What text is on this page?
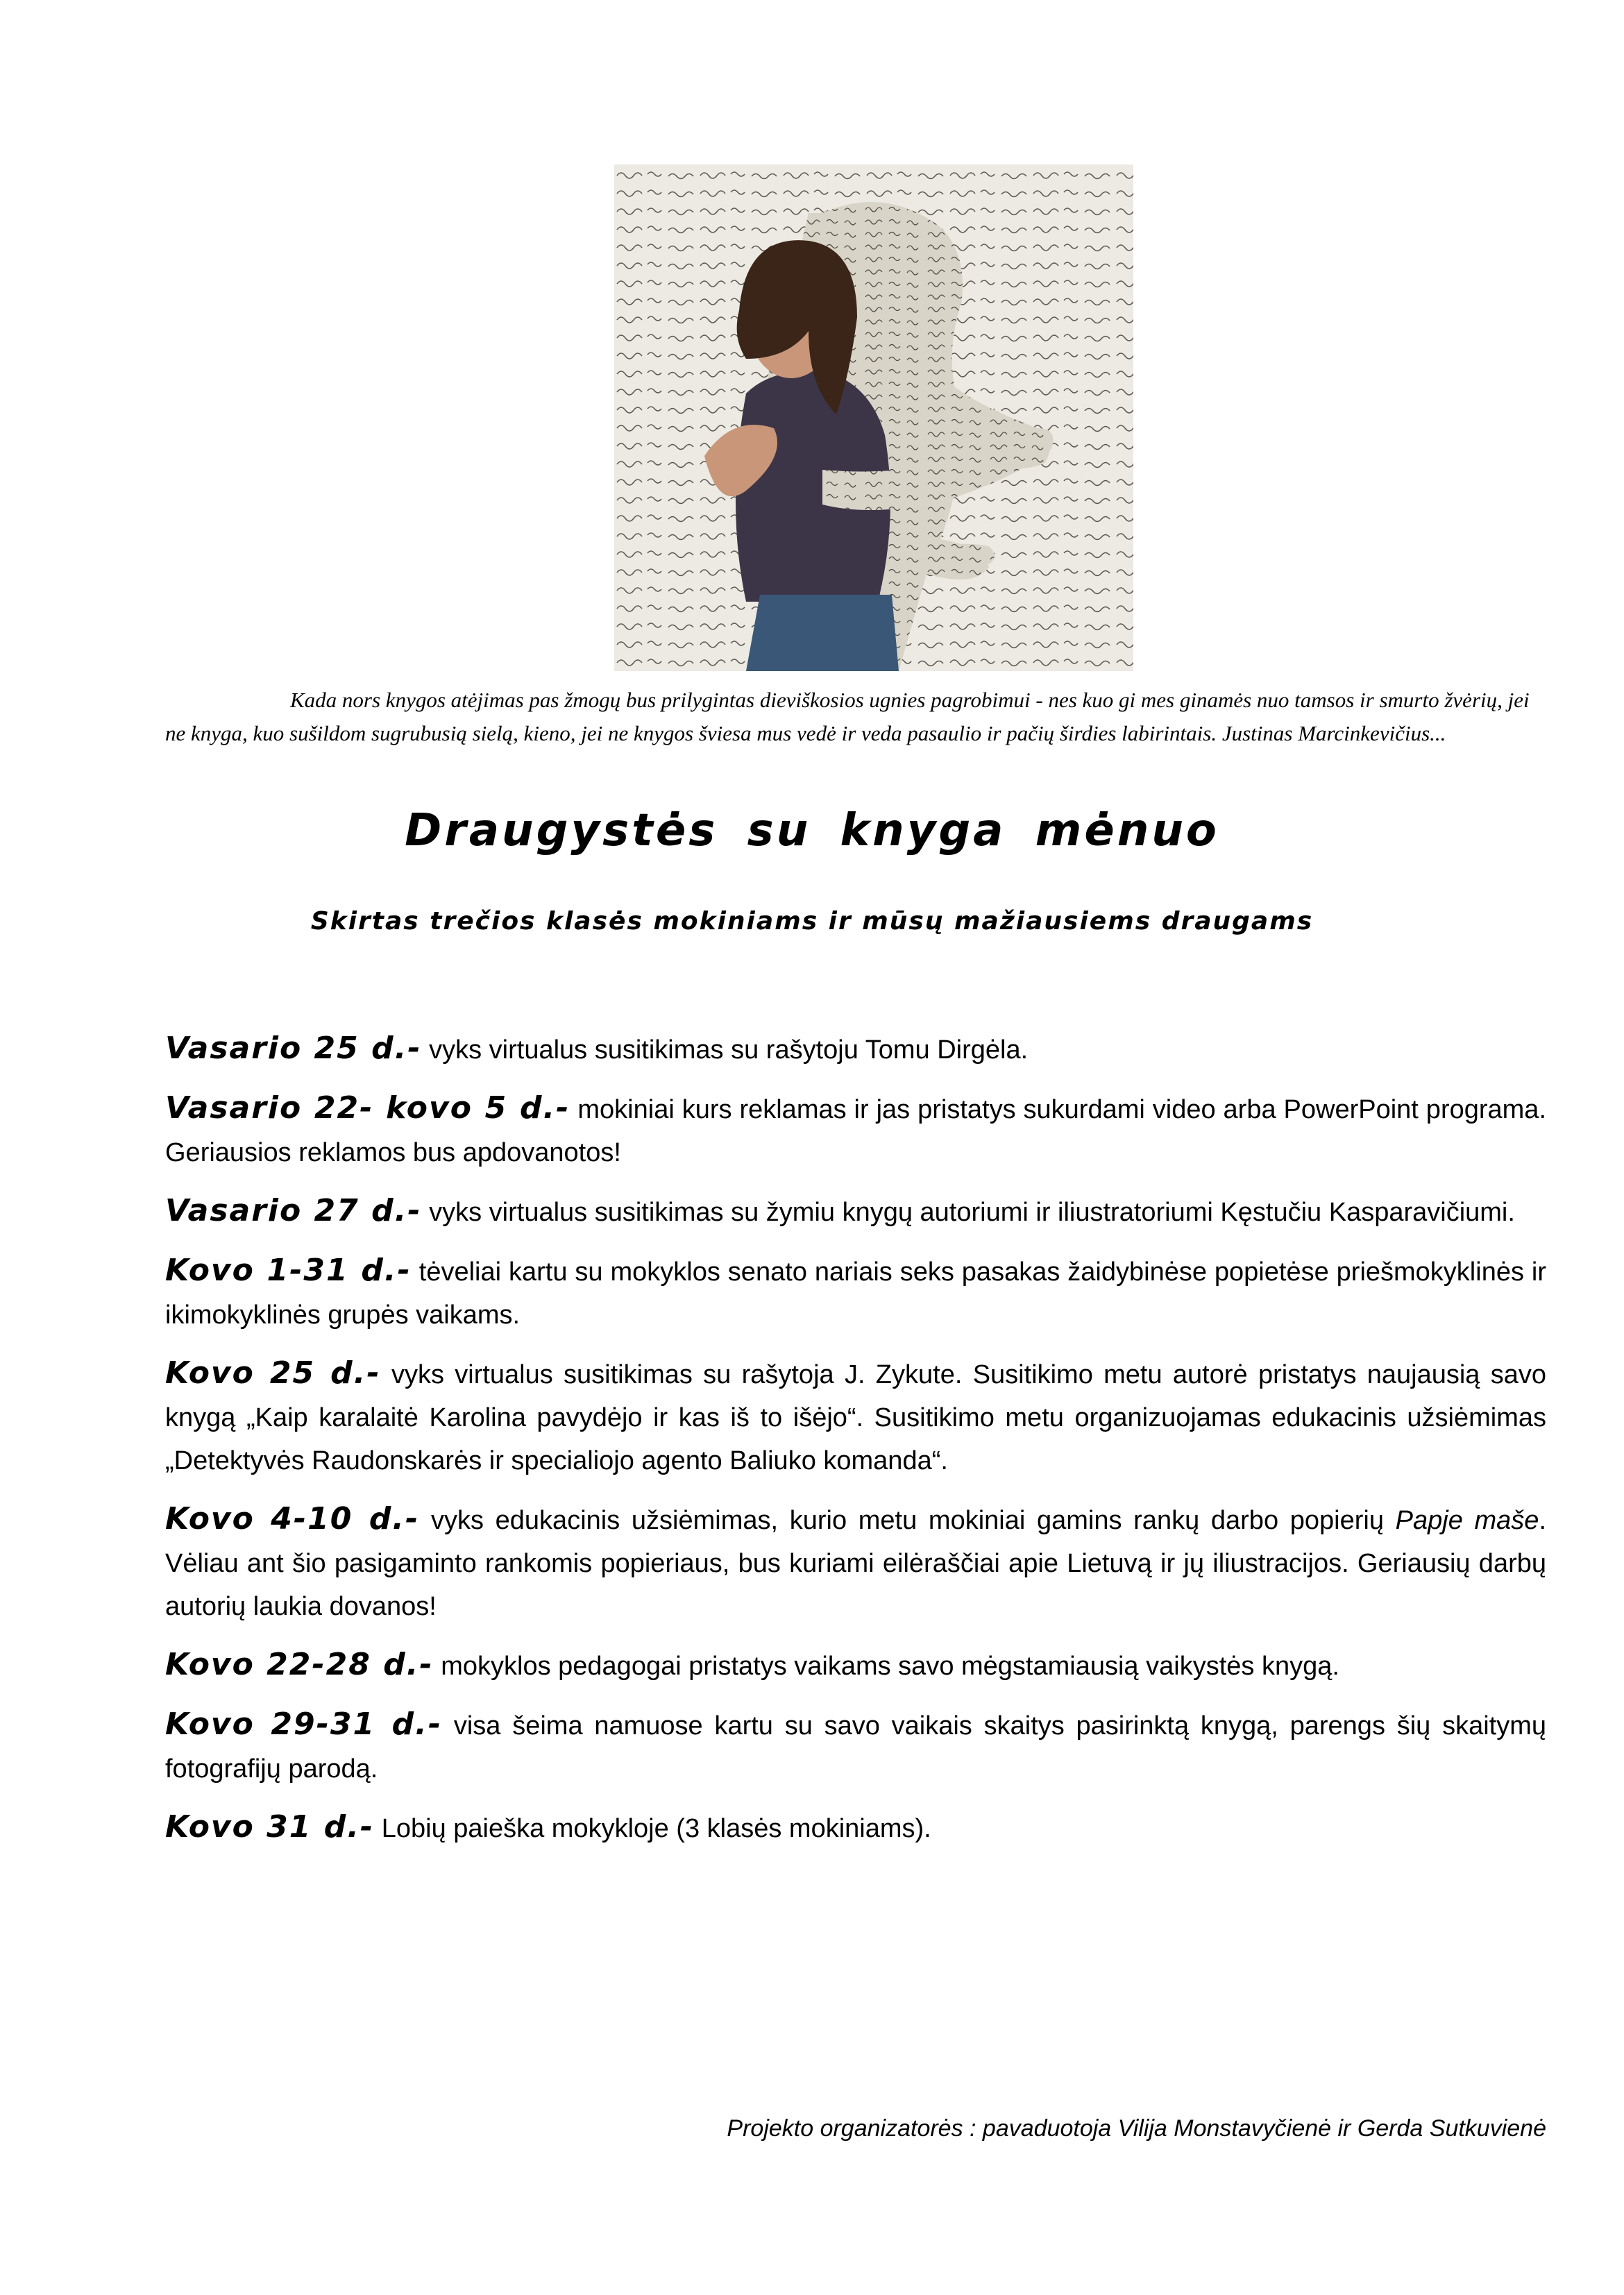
Kada nors knygos atėjimas pas žmogų bus prilygintas dieviškosios ugnies pagrobimui - nes kuo gi mes ginamės nuo tamsos ir smurto žvėrių, jei ne knyga, kuo sušildom sugrubusią sielą, kieno, jei ne knygos šviesa mus vedė ir veda pasaulio ir pačių širdies labirintais. Justinas Marcinkevičius...

Draugystės su knyga mėnuo
Skirtas trečios klasės mokiniams ir mūsų mažiausiems draugams
Vasario 25 d.- vyks virtualus susitikimas su rašytoju Tomu Dirgėla.
Vasario 22- kovo 5 d.- mokiniai kurs reklamas ir jas pristatys sukurdami video arba PowerPoint programa. Geriausios reklamos bus apdovanotos!
Vasario 27 d.- vyks virtualus susitikimas su žymiu knygų autoriumi ir iliustratoriumi Kęstučiu Kasparavičiumi.
Kovo 1-31 d.- tėveliai kartu su mokyklos senato nariais seks pasakas žaidybinėse popietėse priešmokyklinės ir ikimokyklinės grupės vaikams.
Kovo 25 d.- vyks virtualus susitikimas su rašytoja J. Zykute. Susitikimo metu autorė pristatys naujausią savo knygą „Kaip karalaitė Karolina pavydėjo ir kas iš to išėjo“. Susitikimo metu organizuojamas edukacinis užsiėmimas „Detektyvės Raudonskarės ir specialiojo agento Baliuko komanda“.
Kovo 4-10 d.- vyks edukacinis užsiėmimas, kurio metu mokiniai gamins rankų darbo popierių Papje maše. Vėliau ant šio pasigaminto rankomis popieriaus, bus kuriami eilėraščiai apie Lietuvą ir jų iliustracijos. Geriausių darbų autorių laukia dovanos!
Kovo 22-28 d.- mokyklos pedagogai pristatys vaikams savo mėgstamiausią vaikystės knygą.
Kovo 29-31 d.- visa šeima namuose kartu su savo vaikais skaitys pasirinktą knygą, parengs šių skaitymų fotografijų parodą.
Kovo 31 d.- Lobių paieška mokykloje (3 klasės mokiniams).

Projekto organizatorės : pavaduotoja Vilija Monstavyčienė ir Gerda Sutkuvienė
